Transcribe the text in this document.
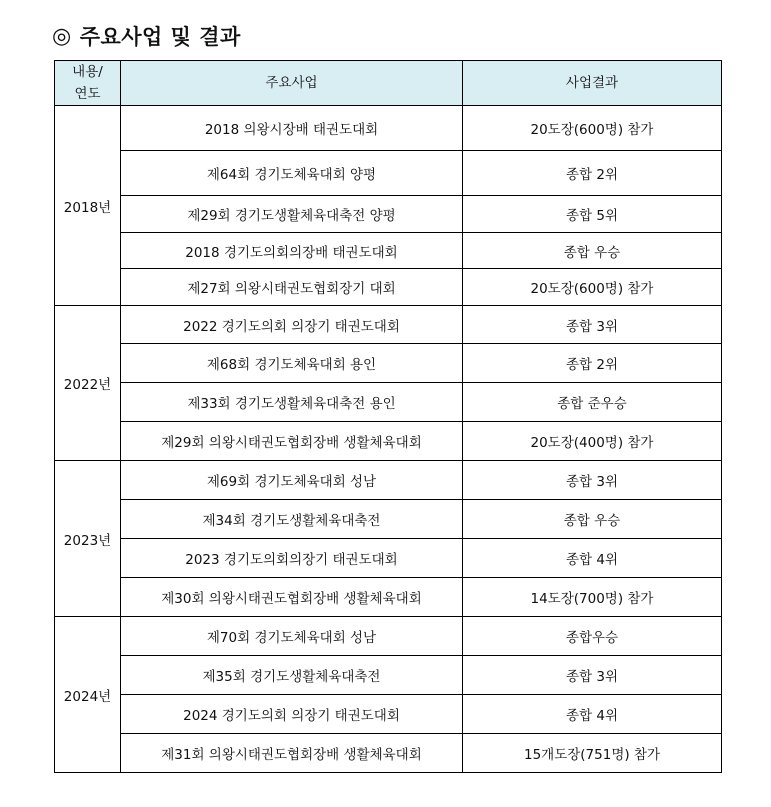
◎ 주요사업 및 결과
내용/
연도	주요사업	사업결과
2018년	2018 의왕시장배 태권도대회	20도장(600명) 참가
	제64회 경기도체육대회 양평	종합 2위
	제29회 경기도생활체육대축전 양평	종합 5위
	2018 경기도의회의장배 태권도대회	종합 우승
	제27회 의왕시태권도협회장기 대회	20도장(600명) 참가
2022년	2022 경기도의회 의장기 태권도대회	종합 3위
	제68회 경기도체육대회 용인	종합 2위
	제33회 경기도생활체육대축전 용인	종합 준우승
	제29회 의왕시태권도협회장배 생활체육대회	20도장(400명) 참가
2023년	제69회 경기도체육대회 성남	종합 3위
	제34회 경기도생활체육대축전	종합 우승
	2023 경기도의회의장기 태권도대회	종합 4위
	제30회 의왕시태권도협회장배 생활체육대회	14도장(700명) 참가
2024년	제70회 경기도체육대회 성남	종합우승
	제35회 경기도생활체육대축전	종합 3위
	2024 경기도의회 의장기 태권도대회	종합 4위
	제31회 의왕시태권도협회장배 생활체육대회	15개도장(751명) 참가
